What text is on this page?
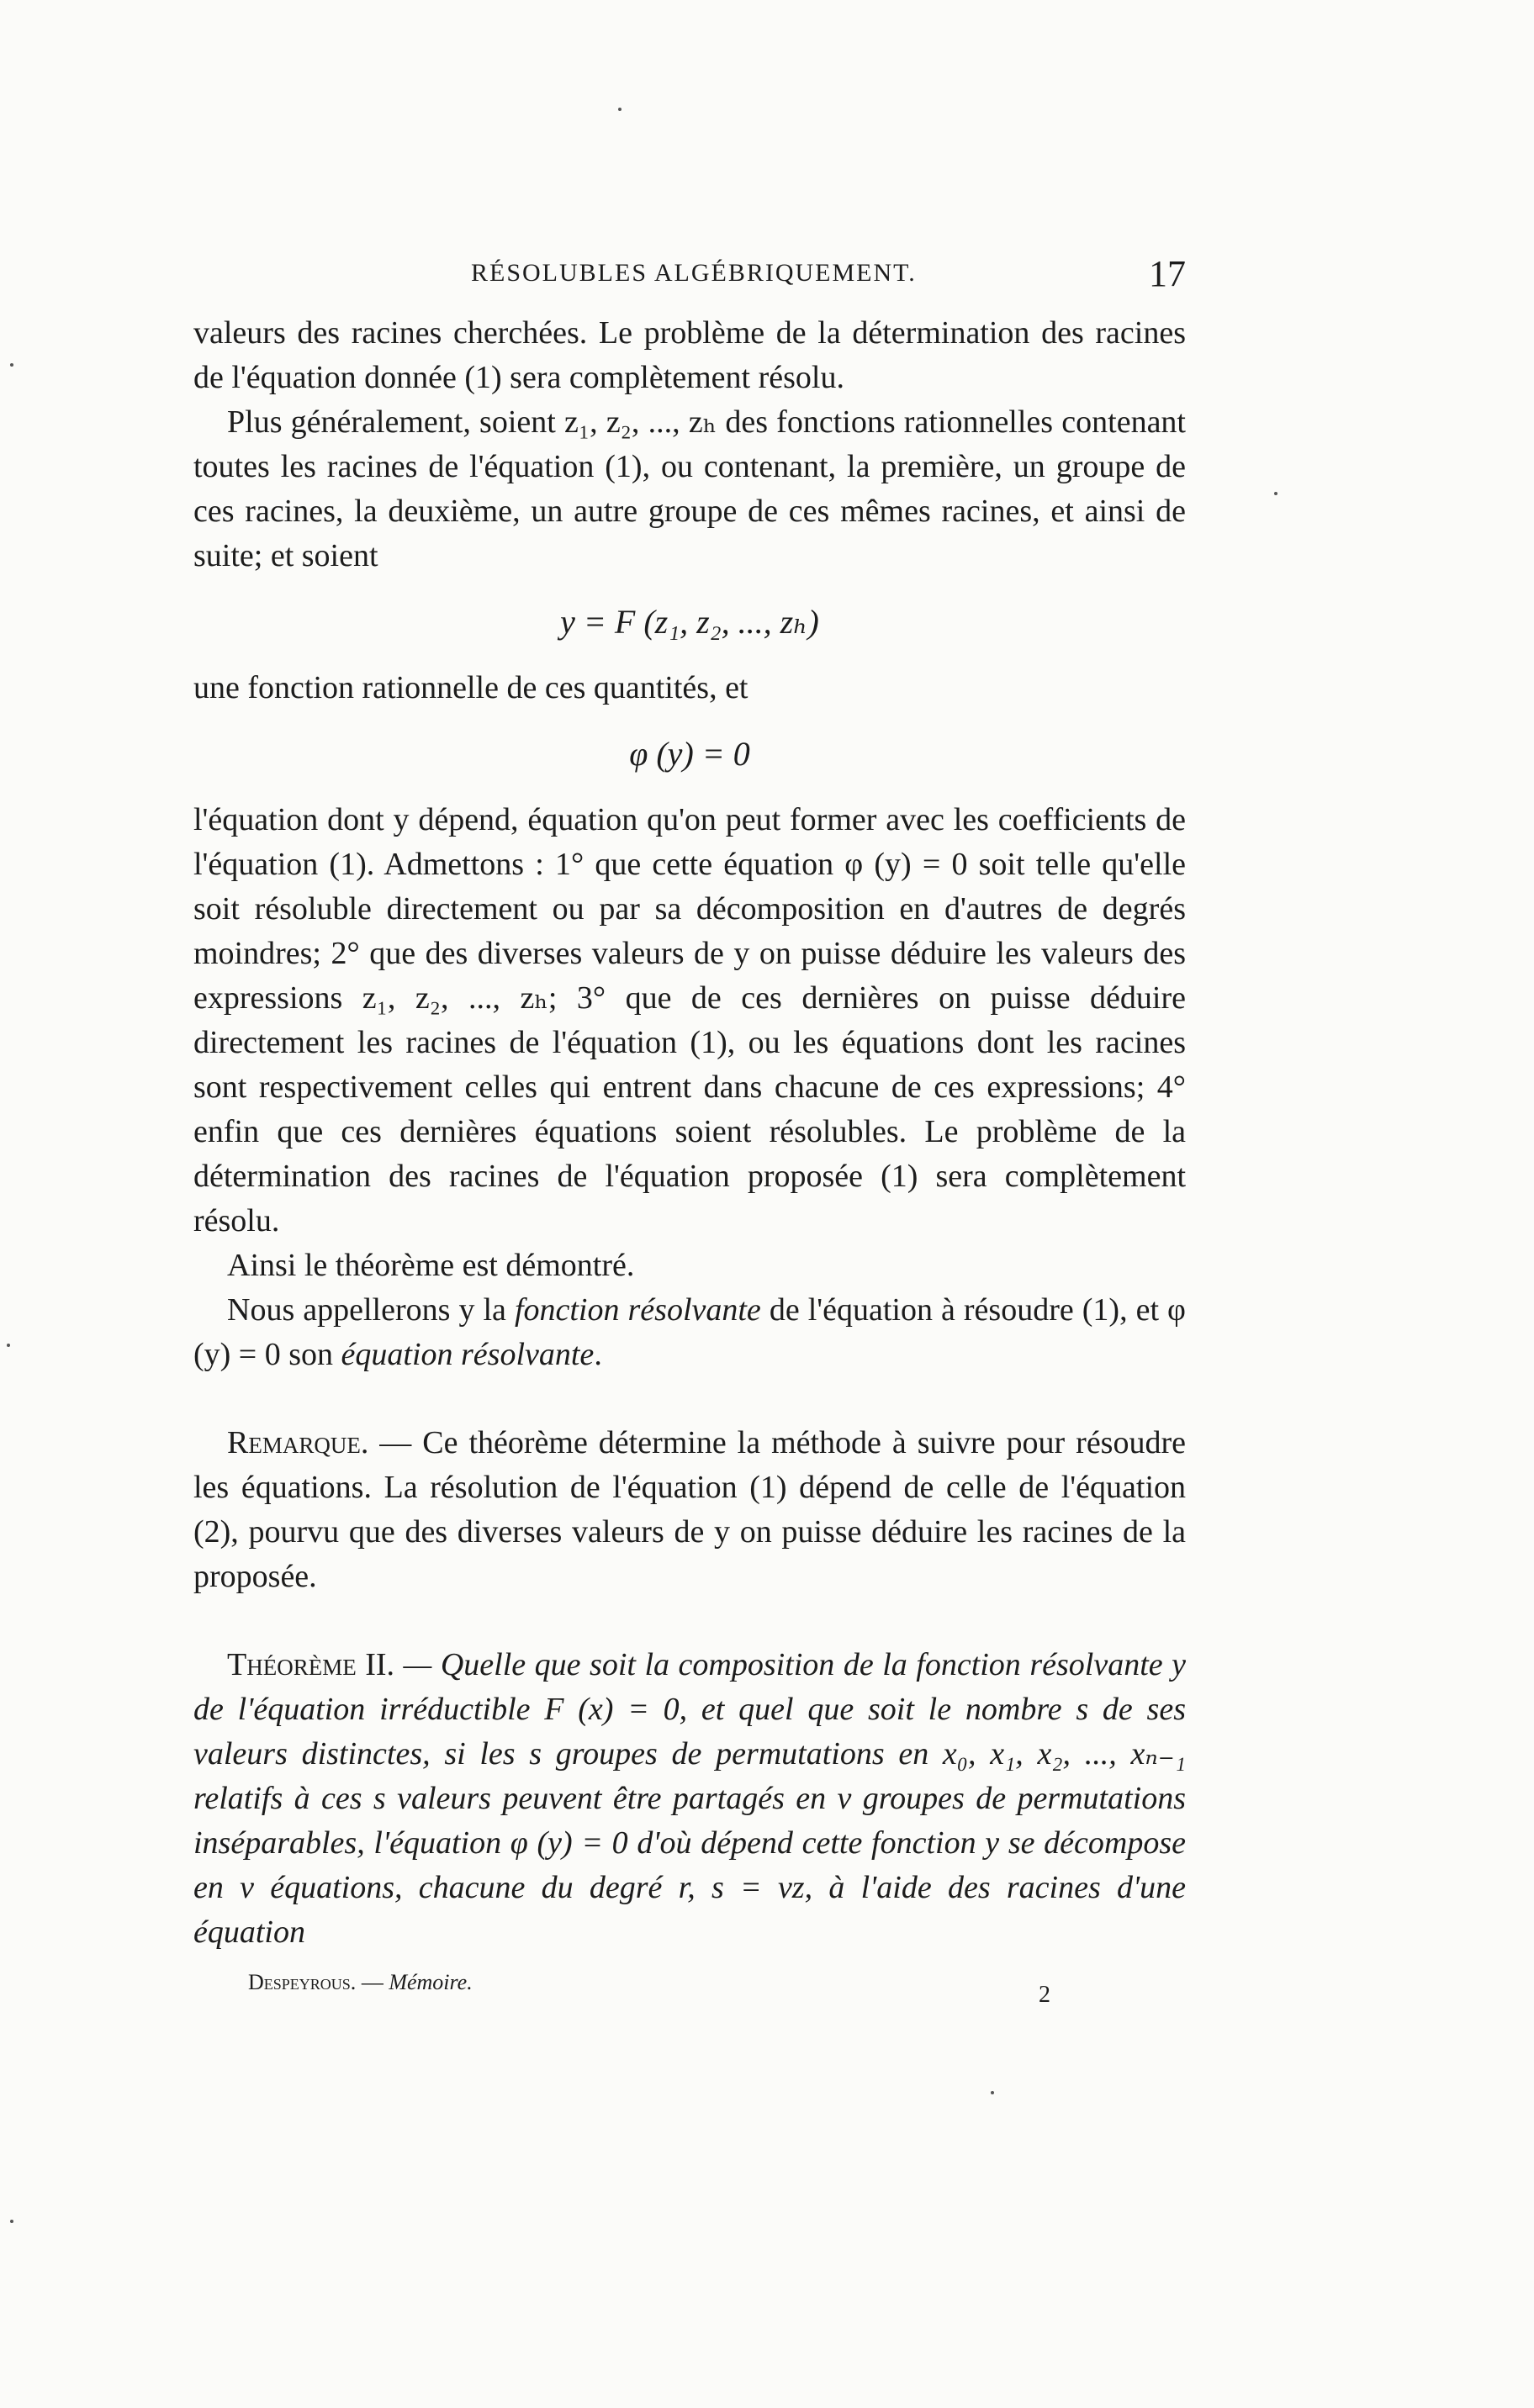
RÉSOLUBLES ALGÉBRIQUEMENT.	17

valeurs des racines cherchées. Le problème de la détermination des racines de l'équation donnée (1) sera complètement résolu.

Plus généralement, soient z₁, z₂, ..., zₕ des fonctions rationnelles contenant toutes les racines de l'équation (1), ou contenant, la première, un groupe de ces racines, la deuxième, un autre groupe de ces mêmes racines, et ainsi de suite; et soient

y = F (z₁, z₂, ..., zₕ)

une fonction rationnelle de ces quantités, et

φ (y) = 0

l'équation dont y dépend, équation qu'on peut former avec les coefficients de l'équation (1). Admettons : 1° que cette équation φ (y) = 0 soit telle qu'elle soit résoluble directement ou par sa décomposition en d'autres de degrés moindres; 2° que des diverses valeurs de y on puisse déduire les valeurs des expressions z₁, z₂, ..., zₕ; 3° que de ces dernières on puisse déduire directement les racines de l'équation (1), ou les équations dont les racines sont respectivement celles qui entrent dans chacune de ces expressions; 4° enfin que ces dernières équations soient résolubles. Le problème de la détermination des racines de l'équation proposée (1) sera complètement résolu.

Ainsi le théorème est démontré.

Nous appellerons y la fonction résolvante de l'équation à résoudre (1), et φ (y) = 0 son équation résolvante.

Remarque. — Ce théorème détermine la méthode à suivre pour résoudre les équations. La résolution de l'équation (1) dépend de celle de l'équation (2), pourvu que des diverses valeurs de y on puisse déduire les racines de la proposée.

Théorème II. — Quelle que soit la composition de la fonction résolvante y de l'équation irréductible F (x) = 0, et quel que soit le nombre s de ses valeurs distinctes, si les s groupes de permutations en x₀, x₁, x₂, ..., xₙ₋₁ relatifs à ces s valeurs peuvent être partagés en v groupes de permutations inséparables, l'équation φ (y) = 0 d'où dépend cette fonction y se décompose en v équations, chacune du degré r, s = vz, à l'aide des racines d'une équation

Despeyrous. — Mémoire.	2
